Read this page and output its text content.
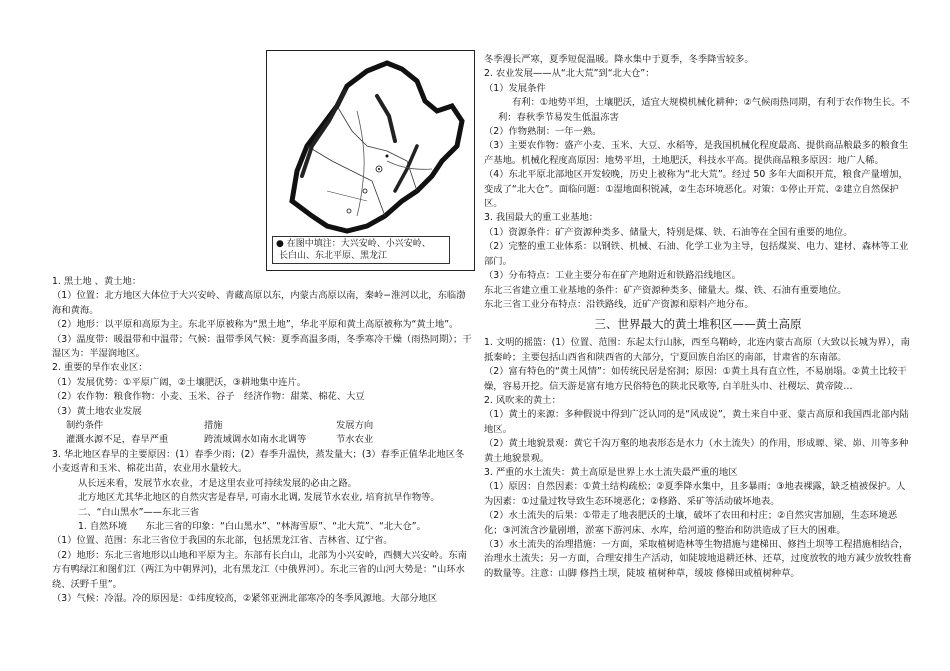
● 在图中填注：大兴安岭、小兴安岭、
长白山、东北平原、黑龙江

1. 黑土地 、黄土地：

（1）位置：北方地区大体位于大兴安岭、青藏高原以东，内蒙古高原以南，秦岭−淮河以北，东临渤海和黄海。

（2）地形：以平原和高原为主。东北平原被称为“黑土地”，华北平原和黄土高原被称为“黄土地”。

（3）温度带：暖温带和中温带；气候：温带季风气候：夏季高温多雨，冬季寒冷干燥（雨热同期）；干湿区为：半湿润地区。

2. 重要的旱作农业区：

（1）发展优势：①平原广阔，②土壤肥沃，③耕地集中连片。

（2）农作物：粮食作物：小麦、玉米、谷子　经济作物：甜菜、棉花、大豆

（3）黄土地农业发展

制约条件	措施	发展方向
灌溉水源不足，春旱严重	跨流域调水如南水北调等	节水农业

3. 华北地区春旱的主要原因：(1）春季少雨；(2）春季升温快，蒸发量大；(3）春季正值华北地区冬小麦返青和玉米、棉花出苗，农业用水量较大。

从长远来看，发展节水农业，才是这里农业可持续发展的必由之路。

北方地区尤其华北地区的自然灾害是春旱, 可南水北调, 发展节水农业, 培育抗旱作物等。

二、“白山黑水”——东北三省

1. 自然环境　　东北三省的印象：“白山黑水”、“林海雪原”、“北大荒”、“北大仓”。

（1）位置、范围：东北三省位于我国的东北部，包括黑龙江省、吉林省、辽宁省。

（2）地形：东北三省地形以山地和平原为主。东部有长白山，北部为小兴安岭，西侧大兴安岭。东南方有鸭绿江和图们江（两江为中朝界河)，北有黑龙江（中俄界河）。东北三省的山河大势是：“山环水绕、沃野千里”。

（3）气候：冷湿。冷的原因是：①纬度较高，②紧邻亚洲北部寒冷的冬季风源地。大部分地区

冬季漫长严寒，夏季短促温暖。降水集中于夏季，冬季降雪较多。

2. 农业发展——从“北大荒”到“北大仓”：

（1）发展条件

有利：①地势平坦，土壤肥沃，适宜大规模机械化耕种；②气候雨热同期，有利于农作物生长。不利：春秋季节易发生低温冻害

（2）作物熟制：一年一熟。

（3）主要农作物：盛产小麦、玉米、大豆、水稻等，是我国机械化程度最高、提供商品粮最多的粮食生产基地。机械化程度高原因：地势平坦，土地肥沃，科技水平高。提供商品粮多原因：地广人稀。

（4）东北平原北部地区开发较晚，历史上被称为“北大荒”。经过 50 多年大面积开荒，粮食产量增加，变成了“北大仓”。面临问题：①湿地面积锐减，②生态环境恶化。对策：①停止开荒、②建立自然保护区。

3. 我国最大的重工业基地：

（1）资源条件：矿产资源种类多、储量大，特别是煤、铁、石油等在全国有重要的地位。

（2）完整的重工业体系：以钢铁、机械、石油、化学工业为主导，包括煤炭、电力、建材、森林等工业部门。

（3）分布特点：工业主要分布在矿产地附近和铁路沿线地区。

东北三省建立重工业基地的条件：矿产资源种类多、储量大。煤、铁、石油有重要地位。

东北三省工业分布特点：沿铁路线，近矿产资源和原料产地分布。

三、世界最大的黄土堆积区——黄土高原

1. 文明的摇篮：(1）位置、范围：东起太行山脉，西至乌鞘岭，北连内蒙古高原（大致以长城为界），南抵秦岭；主要包括山西省和陕西省的大部分，宁夏回族自治区的南部，甘肃省的东南部。

（2）富有特色的“黄土风情”：如传统民居是窑洞；原因：①黄土具有直立性，不易崩塌。②黄土比较干燥，容易开挖。信天游是富有地方民俗特色的陕北民歌等, 白羊肚头巾、社稷坛、黄帝陵…

2. 风吹来的黄土：

（1）黄土的来源：多种假说中得到广泛认同的是“风成说”，黄土来自中亚、蒙古高原和我国西北部内陆地区。

（2）黄土地貌景观：黄它千沟万壑的地表形态是水力（水土流失）的作用，形成塬、梁、峁、川等多种黄土地貌景观。

3. 严重的水土流失：黄土高原是世界上水土流失最严重的地区

（1）原因：自然因素：①黄土结构疏松；②夏季降水集中，且多暴雨；③地表裸露，缺乏植被保护。人为因素：①过量过牧导致生态环境恶化；②修路、采矿等活动破坏地表。

（2）水土流失的后果：①带走了地表肥沃的土壤，破坏了农田和村庄；②自然灾害加剧，生态环境恶化；③河流含沙量剧增，淤塞下游河床、水库，给河道的整治和防洪造成了巨大的困难。

（3）水土流失的治理措施：一方面，采取植树造林等生物措施与建梯田、修挡土坝等工程措施相结合，治理水土流失；另一方面，合理安排生产活动，如陡坡地退耕还林、还草，过度放牧的地方减少放牧牲畜的数量等。注意：山脚 修挡土坝，陡坡 植树种草，缓坡 修梯田或植树种草。
